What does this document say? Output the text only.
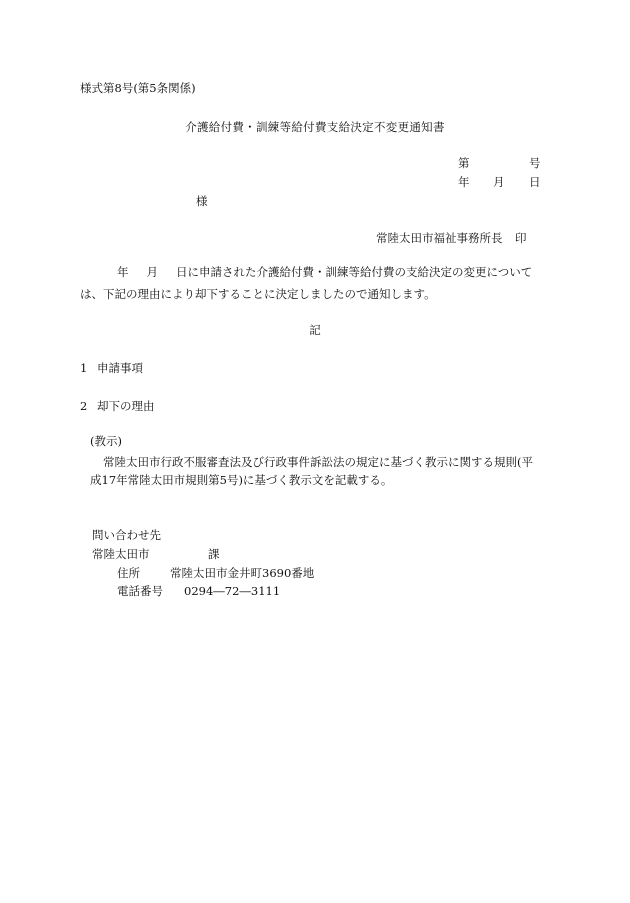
様式第8号(第5条関係)
介護給付費・訓練等給付費支給決定不変更通知書
第	号
年 月 日
様
常陸太田市福祉事務所長 印
年 月 日に申請された介護給付費・訓練等給付費の支給決定の変更について
は、下記の理由により却下することに決定しましたので通知します。
記
1 申請事項
2 却下の理由
(教示)
常陸太田市行政不服審査法及び行政事件訴訟法の規定に基づく教示に関する規則(平
成17年常陸太田市規則第5号)に基づく教示文を記載する。
問い合わせ先
常陸太田市	課
住所	常陸太田市金井町3690番地
電話番号 0294―72―3111
